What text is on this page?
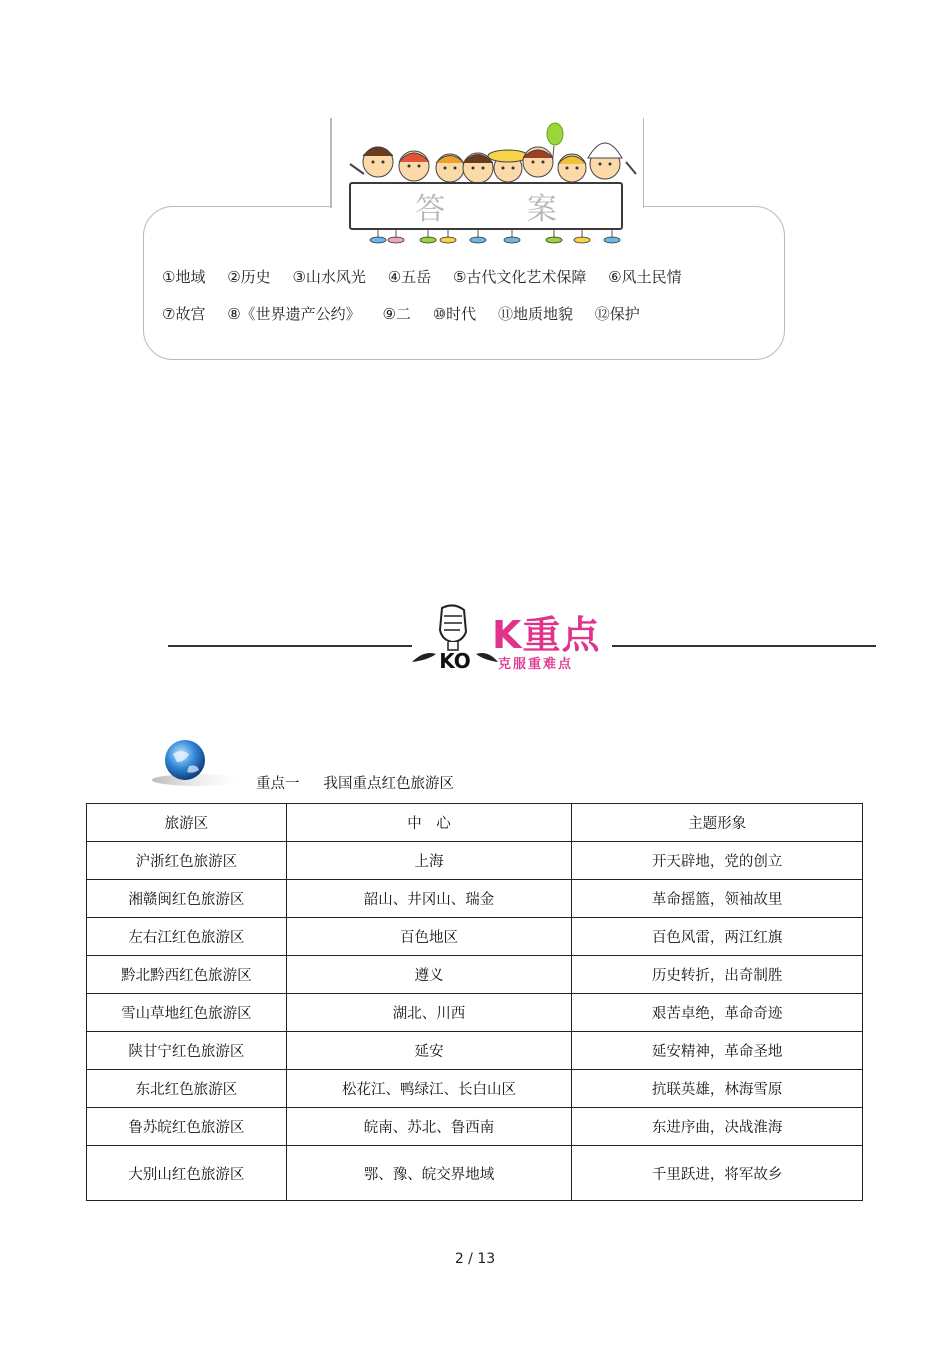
答 案
①地域 ②历史 ③山水风光 ④五岳 ⑤古代文化艺术保障 ⑥风土民情
⑦故宫 ⑧《世界遗产公约》 ⑨二 ⑩时代 ⑪地质地貌 ⑫保护
KO
K重点
克服重难点
重点一 我国重点红色旅游区
旅游区	中　心	主题形象
沪浙红色旅游区	上海	开天辟地，党的创立
湘赣闽红色旅游区	韶山、井冈山、瑞金	革命摇篮，领袖故里
左右江红色旅游区	百色地区	百色风雷，两江红旗
黔北黔西红色旅游区	遵义	历史转折，出奇制胜
雪山草地红色旅游区	湖北、川西	艰苦卓绝，革命奇迹
陕甘宁红色旅游区	延安	延安精神，革命圣地
东北红色旅游区	松花江、鸭绿江、长白山区	抗联英雄，林海雪原
鲁苏皖红色旅游区	皖南、苏北、鲁西南	东进序曲，决战淮海
大别山红色旅游区	鄂、豫、皖交界地域	千里跃进，将军故乡
2 / 13
